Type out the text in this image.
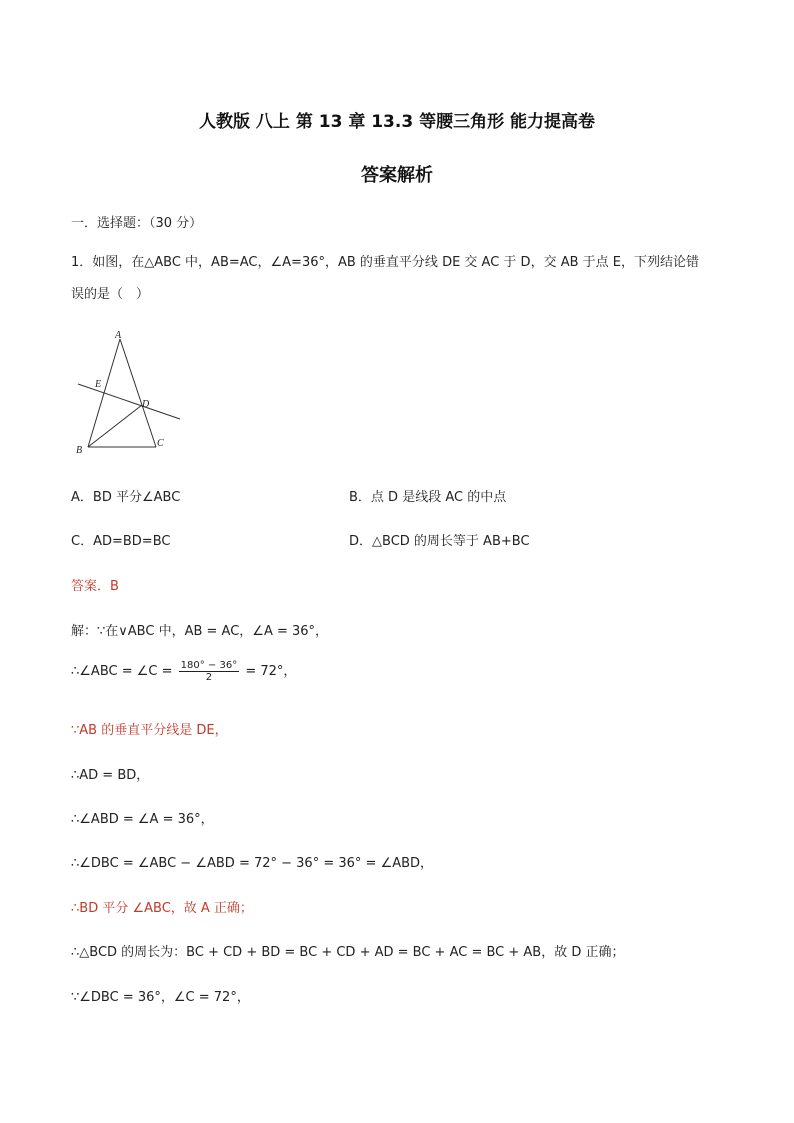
人教版 八上 第 13 章 13.3 等腰三角形 能力提高卷
答案解析
一．选择题：（30 分）
1．如图，在△ABC 中，AB=AC，∠A=36°，AB 的垂直平分线 DE 交 AC 于 D，交 AB 于点 E，下列结论错
误的是（　）
A
B
C
D
E
A．BD 平分∠ABC	B．点 D 是线段 AC 的中点
C．AD=BD=BC	D．△BCD 的周长等于 AB+BC
答案．B
解：∵在∨ABC 中，AB = AC，∠A = 36°，
∴∠ABC = ∠C = $\frac{180^\circ - 36^\circ}{2} = 72^\circ$，
∵AB 的垂直平分线是 DE，
∴AD = BD，
∴∠ABD = ∠A = 36°，
∴∠DBC = ∠ABC − ∠ABD = 72° − 36° = 36° = ∠ABD，
∴BD 平分 ∠ABC，故 A 正确；
∴△BCD 的周长为：BC + CD + BD = BC + CD + AD = BC + AC = BC + AB，故 D 正确；
∵∠DBC = 36°，∠C = 72°，
